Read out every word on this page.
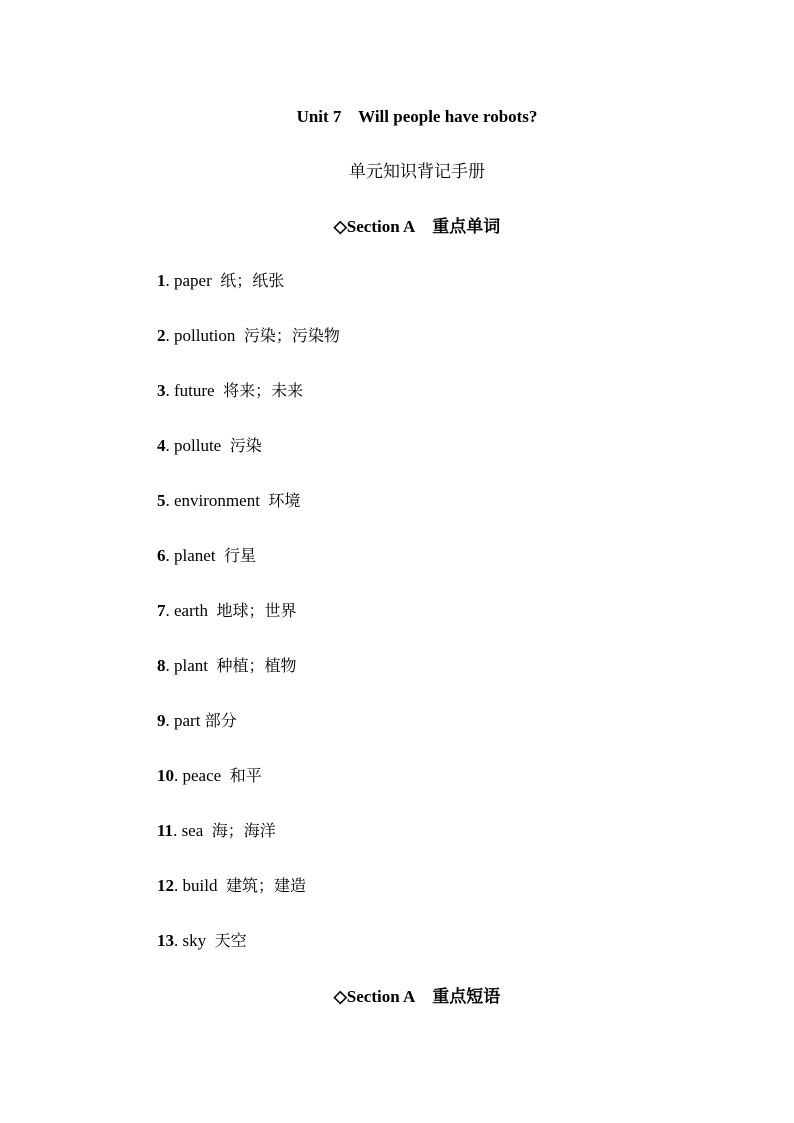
Unit 7    Will people have robots?
单元知识背记手册
◇Section A 重点单词
1. paper 纸；纸张
2. pollution 污染；污染物
3. future 将来；未来
4. pollute 污染
5. environment 环境
6. planet 行星
7. earth 地球；世界
8. plant 种植；植物
9. part 部分
10. peace 和平
11. sea 海；海洋
12. build 建筑；建造
13. sky 天空
◇Section A 重点短语
